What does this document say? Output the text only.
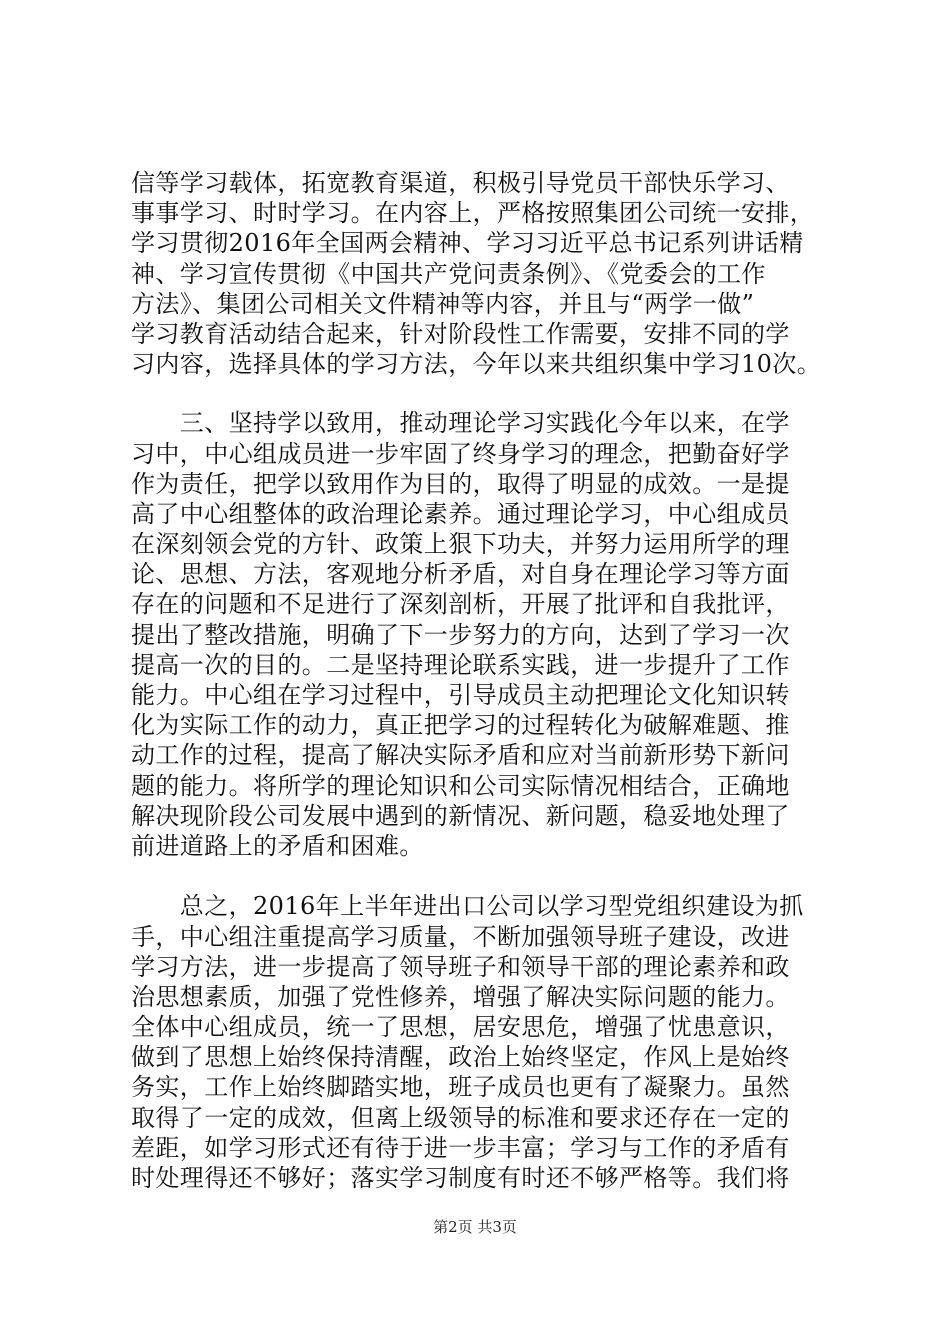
信等学习载体，拓宽教育渠道，积极引导党员干部快乐学习、
事事学习、时时学习。在内容上，严格按照集团公司统一安排，
学习贯彻2016年全国两会精神、学习习近平总书记系列讲话精
神、学习宣传贯彻《中国共产党问责条例》、《党委会的工作
方法》、集团公司相关文件精神等内容，并且与“两学一做”
学习教育活动结合起来，针对阶段性工作需要，安排不同的学
习内容，选择具体的学习方法，今年以来共组织集中学习10次。
　　三、坚持学以致用，推动理论学习实践化今年以来，在学
习中，中心组成员进一步牢固了终身学习的理念，把勤奋好学
作为责任，把学以致用作为目的，取得了明显的成效。一是提
高了中心组整体的政治理论素养。通过理论学习，中心组成员
在深刻领会党的方针、政策上狠下功夫，并努力运用所学的理
论、思想、方法，客观地分析矛盾，对自身在理论学习等方面
存在的问题和不足进行了深刻剖析，开展了批评和自我批评，
提出了整改措施，明确了下一步努力的方向，达到了学习一次
提高一次的目的。二是坚持理论联系实践，进一步提升了工作
能力。中心组在学习过程中，引导成员主动把理论文化知识转
化为实际工作的动力，真正把学习的过程转化为破解难题、推
动工作的过程，提高了解决实际矛盾和应对当前新形势下新问
题的能力。将所学的理论知识和公司实际情况相结合，正确地
解决现阶段公司发展中遇到的新情况、新问题，稳妥地处理了
前进道路上的矛盾和困难。
　　总之，2016年上半年进出口公司以学习型党组织建设为抓
手，中心组注重提高学习质量，不断加强领导班子建设，改进
学习方法，进一步提高了领导班子和领导干部的理论素养和政
治思想素质，加强了党性修养，增强了解决实际问题的能力。
全体中心组成员，统一了思想，居安思危，增强了忧患意识，
做到了思想上始终保持清醒，政治上始终坚定，作风上是始终
务实，工作上始终脚踏实地，班子成员也更有了凝聚力。虽然
取得了一定的成效，但离上级领导的标准和要求还存在一定的
差距，如学习形式还有待于进一步丰富；学习与工作的矛盾有
时处理得还不够好；落实学习制度有时还不够严格等。我们将
第2页 共3页
